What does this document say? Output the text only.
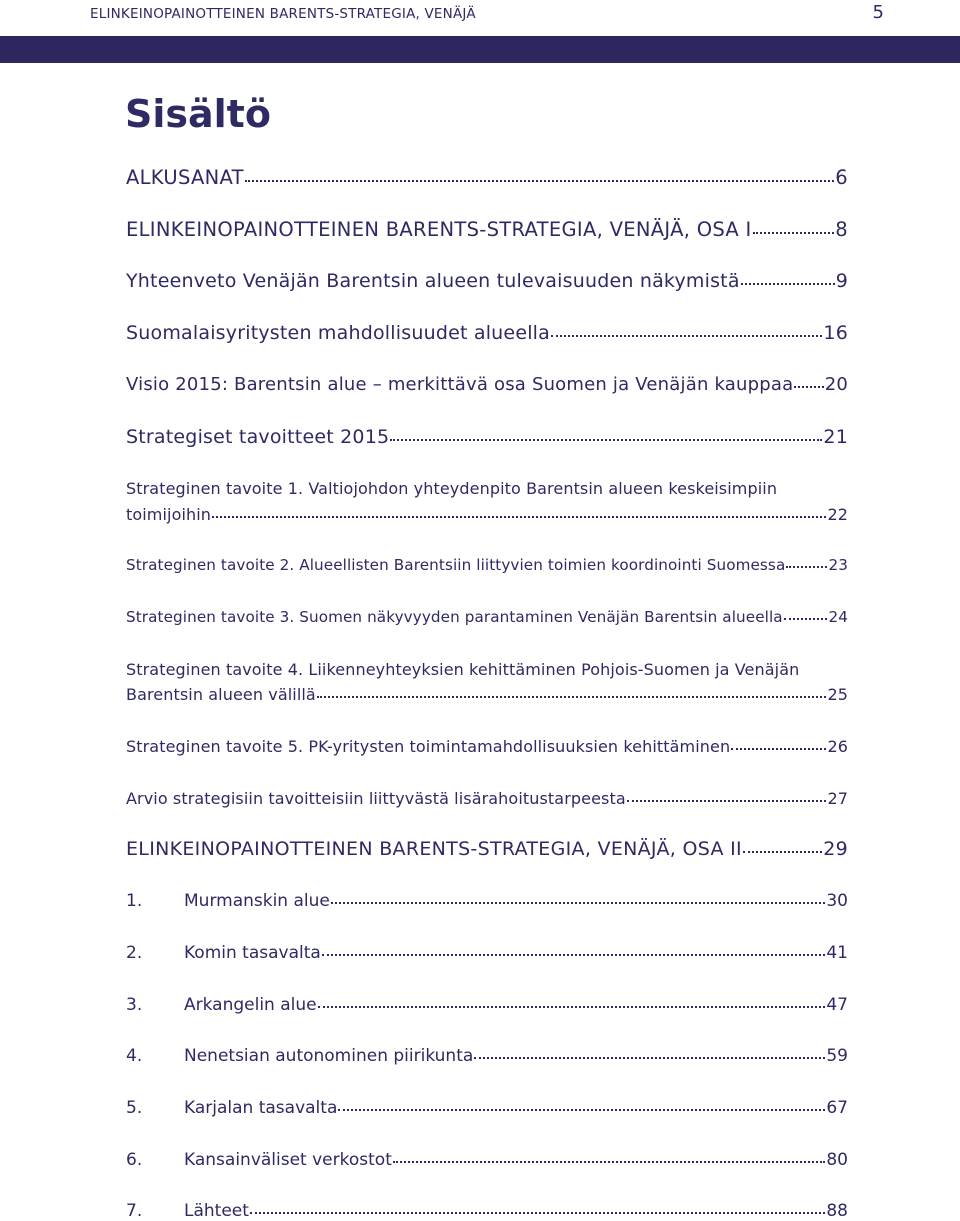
ELINKEINOPAINOTTEINEN BARENTS-STRATEGIA, VENÄJÄ	5
Sisältö
ALKUSANAT	6
ELINKEINOPAINOTTEINEN BARENTS-STRATEGIA, VENÄJÄ, OSA I	8
Yhteenveto Venäjän Barentsin alueen tulevaisuuden näkymistä	9
Suomalaisyritysten mahdollisuudet alueella	16
Visio 2015: Barentsin alue – merkittävä osa Suomen ja Venäjän kauppaa 20
Strategiset tavoitteet 2015	21
Strateginen tavoite 1. Valtiojohdon yhteydenpito Barentsin alueen keskeisimpiin
toimijoihin	22
Strateginen tavoite 2. Alueellisten Barentsiin liittyvien toimien koordinointi Suomessa	23
Strateginen tavoite 3. Suomen näkyvyyden parantaminen Venäjän Barentsin alueella	24
Strateginen tavoite 4. Liikenneyhteyksien kehittäminen Pohjois-Suomen ja Venäjän
Barentsin alueen välillä	25
Strateginen tavoite 5. PK-yritysten toimintamahdollisuuksien kehittäminen	26
Arvio strategisiin tavoitteisiin liittyvästä lisärahoitustarpeesta	27
ELINKEINOPAINOTTEINEN BARENTS-STRATEGIA, VENÄJÄ, OSA II	29
1.	Murmanskin alue	30
2.	Komin tasavalta	41
3.	Arkangelin alue	47
4.	Nenetsian autonominen piirikunta	59
5.	Karjalan tasavalta	67
6.	Kansainväliset verkostot	80
7.	Lähteet	88
